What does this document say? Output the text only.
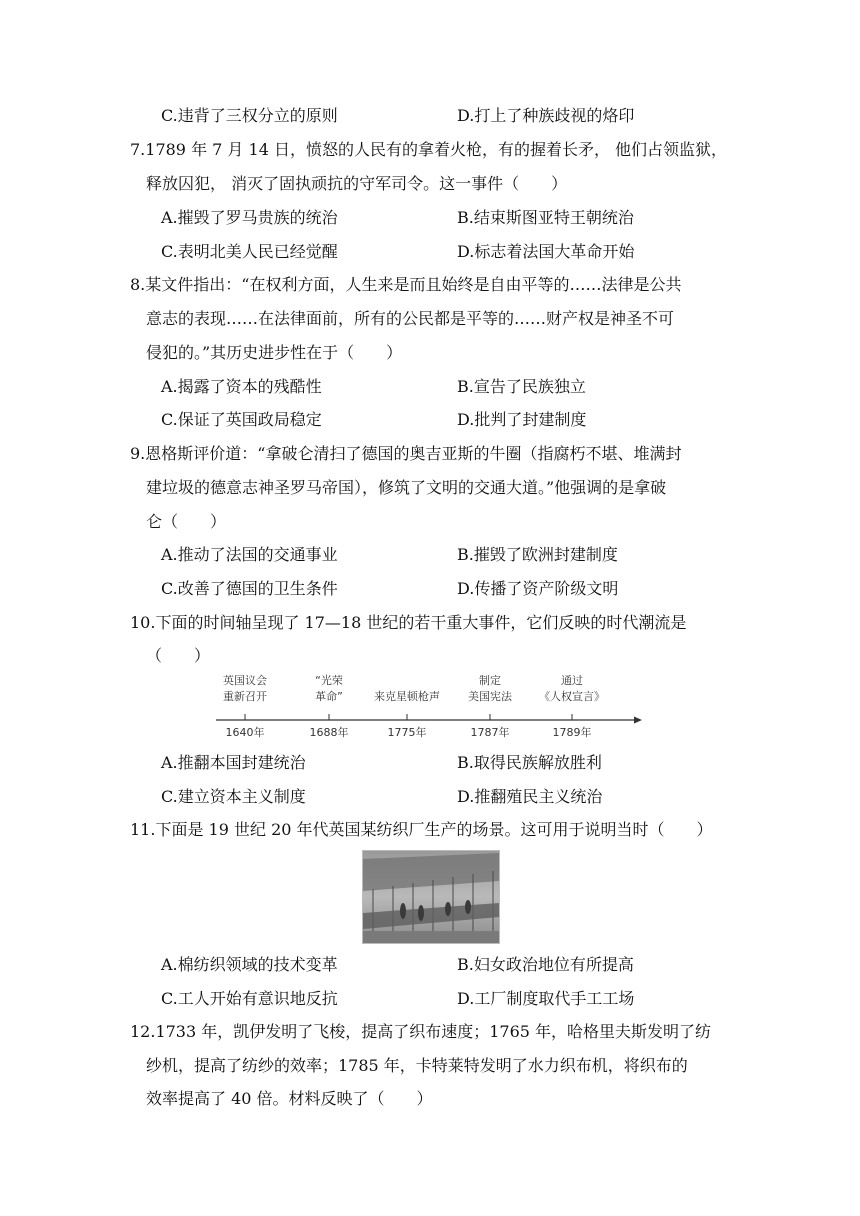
C.违背了三权分立的原则	D.打上了种族歧视的烙印
7.1789 年 7 月 14 日，愤怒的人民有的拿着火枪，有的握着长矛， 他们占领监狱，
释放囚犯， 消灭了固执顽抗的守军司令。这一事件（　　）
A.摧毁了罗马贵族的统治	B.结束斯图亚特王朝统治
C.表明北美人民已经觉醒	D.标志着法国大革命开始
8.某文件指出：“在权利方面，人生来是而且始终是自由平等的……法律是公共
意志的表现……在法律面前，所有的公民都是平等的……财产权是神圣不可
侵犯的。”其历史进步性在于（　　）
A.揭露了资本的残酷性	B.宣告了民族独立
C.保证了英国政局稳定	D.批判了封建制度
9.恩格斯评价道：“拿破仑清扫了德国的奥吉亚斯的牛圈（指腐朽不堪、堆满封
建垃圾的德意志神圣罗马帝国），修筑了文明的交通大道。”他强调的是拿破
仑（　　）
A.推动了法国的交通事业	B.摧毁了欧洲封建制度
C.改善了德国的卫生条件	D.传播了资产阶级文明
10.下面的时间轴呈现了 17—18 世纪的若干重大事件，它们反映的时代潮流是
（　　）
英国议会
重新召开
1640年
“光荣
革命”
1688年
来克星顿枪声
1775年
制定
美国宪法
1787年
通过
《人权宣言》
1789年
A.推翻本国封建统治	B.取得民族解放胜利
C.建立资本主义制度	D.推翻殖民主义统治
11.下面是 19 世纪 20 年代英国某纺织厂生产的场景。这可用于说明当时（　　）
A.棉纺织领域的技术变革	B.妇女政治地位有所提高
C.工人开始有意识地反抗	D.工厂制度取代手工工场
12.1733 年，凯伊发明了飞梭，提高了织布速度；1765 年，哈格里夫斯发明了纺
纱机，提高了纺纱的效率；1785 年，卡特莱特发明了水力织布机，将织布的
效率提高了 40 倍。材料反映了（　　）
